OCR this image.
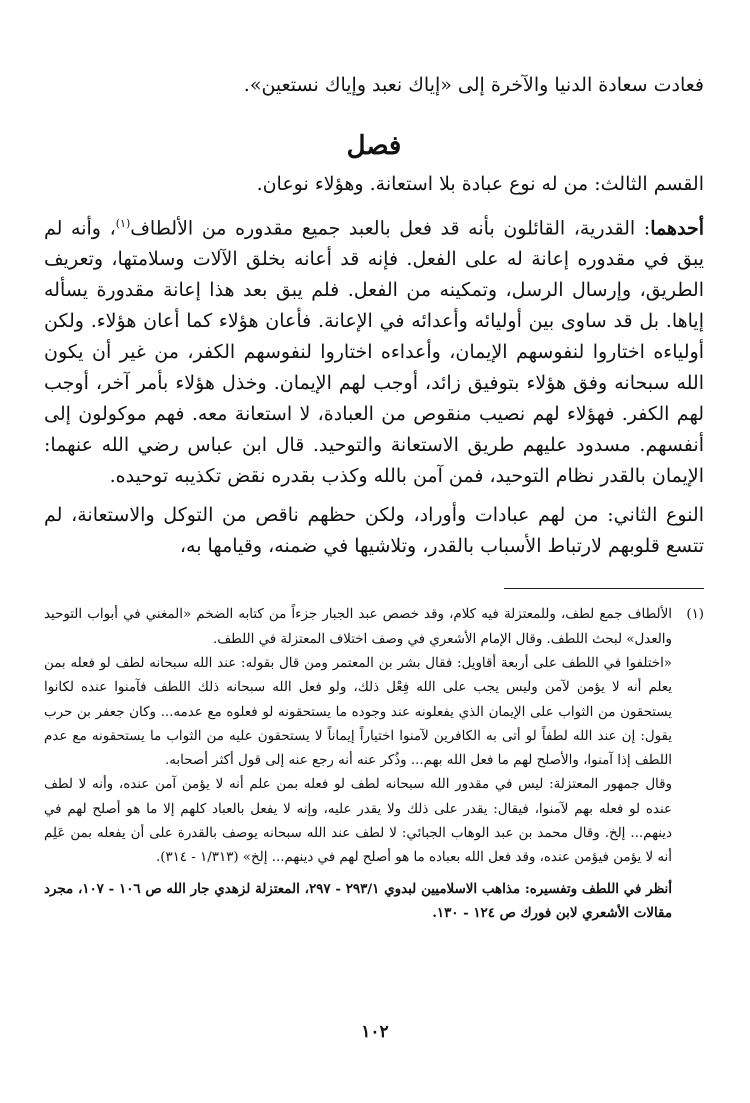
فعادت سعادة الدنيا والآخرة إلى «إياك نعبد وإياك نستعين».
فصل

القسم الثالث: من له نوع عبادة بلا استعانة. وهؤلاء نوعان.

أحدهما: القدرية، القائلون بأنه قد فعل بالعبد جميع مقدوره من الألطاف$^{(١)}$، وأنه لم يبق في مقدوره إعانة له على الفعل. فإنه قد أعانه بخلق الآلات وسلامتها، وتعريف الطريق، وإرسال الرسل، وتمكينه من الفعل. فلم يبق بعد هذا إعانة مقدورة يسأله إياها. بل قد ساوى بين أوليائه وأعدائه في الإعانة. فأعان هؤلاء كما أعان هؤلاء. ولكن أولياءه اختاروا لنفوسهم الإيمان، وأعداءه اختاروا لنفوسهم الكفر، من غير أن يكون الله سبحانه وفق هؤلاء بتوفيق زائد، أوجب لهم الإيمان. وخذل هؤلاء بأمر آخر، أوجب لهم الكفر. فهؤلاء لهم نصيب منقوص من العبادة، لا استعانة معه. فهم موكولون إلى أنفسهم. مسدود عليهم طريق الاستعانة والتوحيد. قال ابن عباس رضي الله عنهما: الإيمان بالقدر نظام التوحيد، فمن آمن بالله وكذب بقدره نقض تكذيبه توحيده.

النوع الثاني: من لهم عبادات وأوراد، ولكن حظهم ناقص من التوكل والاستعانة، لم تتسع قلوبهم لارتباط الأسباب بالقدر، وتلاشيها في ضمنه، وقيامها به،

(١)

الألطاف جمع لطف، وللمعتزلة فيه كلام، وقد خصص عبد الجبار جزءاً من كتابه الضخم «المغني في أبواب التوحيد والعدل» لبحث اللطف. وقال الإمام الأشعري في وصف اختلاف المعتزلة في اللطف.

«اختلفوا في اللطف على أربعة أقاويل: فقال بشر بن المعتمر ومن قال بقوله: عند الله سبحانه لطف لو فعله بمن يعلم أنه لا يؤمن لآمن وليس يجب على الله فِعْل ذلك، ولو فعل الله سبحانه ذلك اللطف فآمنوا عنده لكانوا يستحقون من الثواب على الإيمان الذي يفعلونه عند وجوده ما يستحقونه لو فعلوه مع عدمه... وكان جعفر بن حرب يقول: إن عند الله لطفاً لو أتى به الكافرين لآمنوا اختياراً إيماناً لا يستحقون عليه من الثواب ما يستحقونه مع عدم اللطف إذا آمنوا، والأصلح لهم ما فعل الله بهم... وذُكر عنه أنه رجع عنه إلى قول أكثر أصحابه.

وقال جمهور المعتزلة: ليس في مقدور الله سبحانه لطف لو فعله بمن علم أنه لا يؤمن آمن عنده، وأنه لا لطف عنده لو فعله بهم لآمنوا، فيقال: يقدر على ذلك ولا يقدر عليه، وإنه لا يفعل بالعباد كلهم إلا ما هو أصلح لهم في دينهم... إلخ. وقال محمد بن عبد الوهاب الجبائي: لا لطف عند الله سبحانه يوصف بالقدرة على أن يفعله بمن عَلِم أنه لا يؤمن فيؤمن عنده، وقد فعل الله بعباده ما هو أصلح لهم في دينهم... إلخ» (١/٣١٣ - ٣١٤).

أنظر في اللطف وتفسيره: مذاهب الاسلاميين لبدوي ٢٩٣/١ - ٢٩٧، المعتزلة لزهدي جار الله ص ١٠٦ - ١٠٧، مجرد مقالات الأشعري لابن فورك ص ١٢٤ - ١٣٠.

١٠٢
